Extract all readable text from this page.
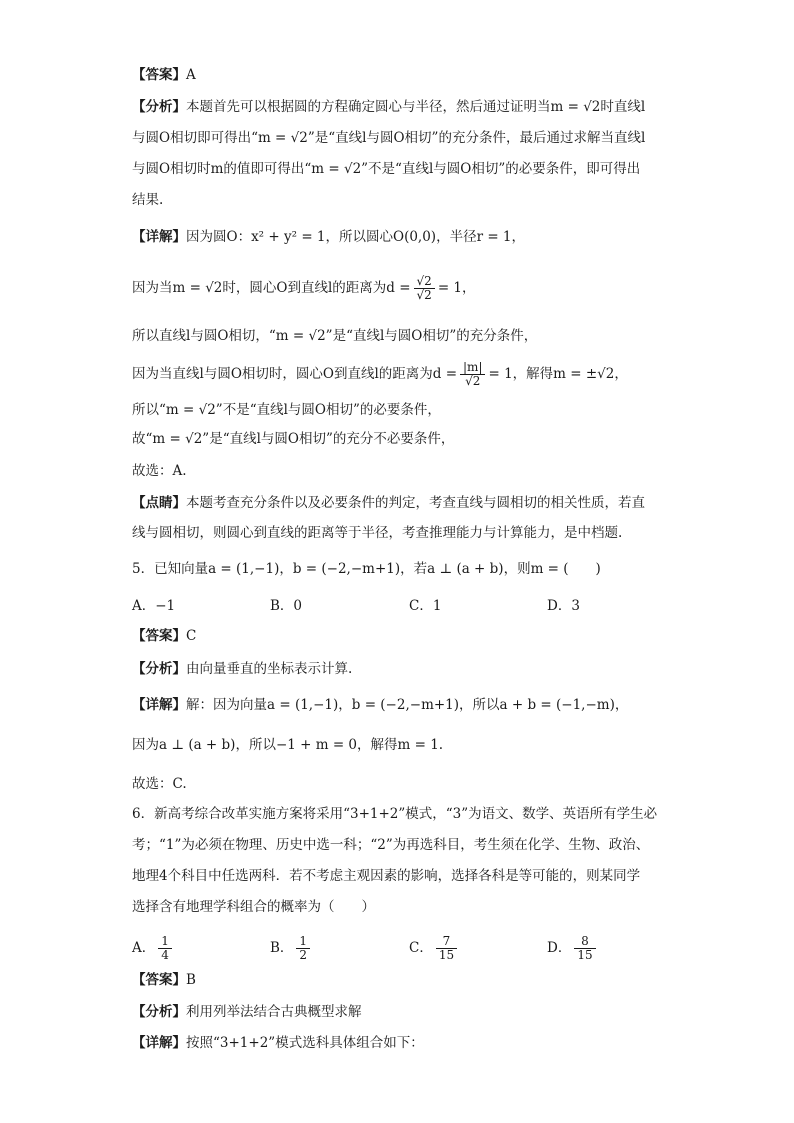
【答案】A
【分析】本题首先可以根据圆的方程确定圆心与半径，然后通过证明当m = √2时直线l
与圆O相切即可得出“m = √2”是“直线l与圆O相切”的充分条件，最后通过求解当直线l
与圆O相切时m的值即可得出“m = √2”不是“直线l与圆O相切”的必要条件，即可得出
结果.
【详解】因为圆O：x² + y² = 1，所以圆心O(0,0)，半径r = 1，
因为当m = √2时，圆心O到直线l的距离为$d = \frac{√2}{√2} = 1$，
所以直线l与圆O相切，“m = √2”是“直线l与圆O相切”的充分条件，
因为当直线l与圆O相切时，圆心O到直线l的距离为$d = \frac{|m|}{√2} = 1$，解得m = ±√2，
所以“m = √2”不是“直线l与圆O相切”的必要条件，
故“m = √2”是“直线l与圆O相切”的充分不必要条件，
故选：A.
【点睛】本题考查充分条件以及必要条件的判定，考查直线与圆相切的相关性质，若直
线与圆相切，则圆心到直线的距离等于半径，考查推理能力与计算能力，是中档题.
5．已知向量a = (1,−1)，b = (−2,−m+1)，若a ⊥ (a + b)，则m = (　　)
A．−1	B．0	C．1	D．3
【答案】C
【分析】由向量垂直的坐标表示计算.
【详解】解：因为向量a = (1,−1)，b = (−2,−m+1)，所以a + b = (−1,−m)，
因为a ⊥ (a + b)，所以−1 + m = 0，解得m = 1.
故选：C.
6．新高考综合改革实施方案将采用“3+1+2”模式，“3”为语文、数学、英语所有学生必
考；“1”为必须在物理、历史中选一科；“2”为再选科目，考生须在化学、生物、政治、
地理4个科目中任选两科．若不考虑主观因素的影响，选择各科是等可能的，则某同学
选择含有地理学科组合的概率为（　　）
A． $\frac{1}{4}$	B． $\frac{1}{2}$	C． $\frac{7}{15}$	D． $\frac{8}{15}$
【答案】B
【分析】利用列举法结合古典概型求解
【详解】按照“3+1+2”模式选科具体组合如下：
